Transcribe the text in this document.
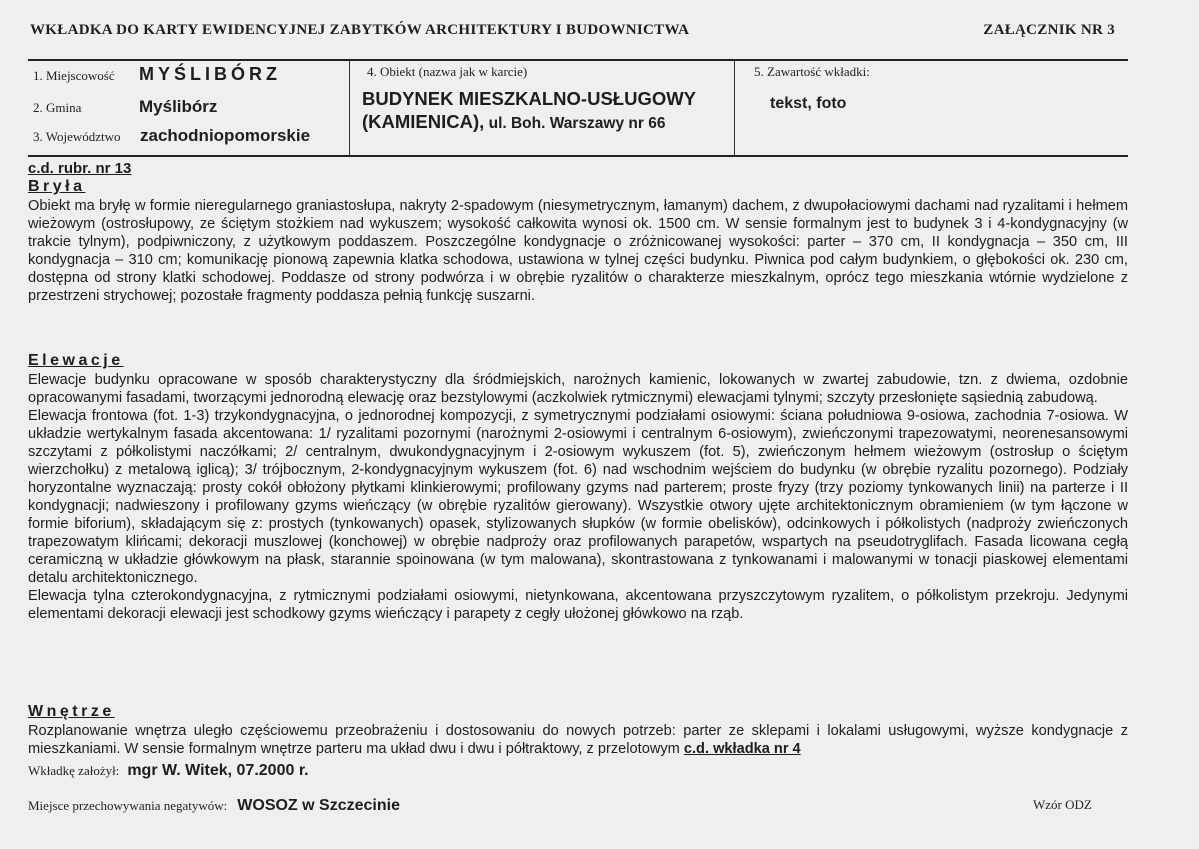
WKŁADKA DO KARTY EWIDENCYJNEJ ZABYTKÓW ARCHITEKTURY I BUDOWNICTWA	ZAŁĄCZNIK NR 3
1. Miejscowość	MYŚLIBÓRZ
2. Gmina	Myślibórz
3. Województwo	zachodniopomorskie
4. Obiekt (nazwa jak w karcie)
BUDYNEK MIESZKALNO-USŁUGOWY
(KAMIENICA), ul. Boh. Warszawy nr 66
5. Zawartość wkładki:
tekst, foto
c.d. rubr. nr 13
Bryła

Obiekt ma bryłę w formie nieregularnego graniastosłupa, nakryty 2-spadowym (niesymetrycznym, łamanym) dachem, z dwupołaciowymi dachami nad ryzalitami i hełmem wieżowym (ostrosłupowy, ze ściętym stożkiem nad wykuszem; wysokość całkowita wynosi ok. 1500 cm. W sensie formalnym jest to budynek 3 i 4-kondygnacyjny (w trakcie tylnym), podpiwniczony, z użytkowym poddaszem. Poszczególne kondygnacje o zróżnicowanej wysokości: parter – 370 cm, II kondygnacja – 350 cm, III kondygnacja – 310 cm; komunikację pionową zapewnia klatka schodowa, ustawiona w tylnej części budynku. Piwnica pod całym budynkiem, o głębokości ok. 230 cm, dostępna od strony klatki schodowej. Poddasze od strony podwórza i w obrębie ryzalitów o charakterze mieszkalnym, oprócz tego mieszkania wtórnie wydzielone z przestrzeni strychowej; pozostałe fragmenty poddasza pełnią funkcję suszarni.

Elewacje

Elewacje budynku opracowane w sposób charakterystyczny dla śródmiejskich, narożnych kamienic, lokowanych w zwartej zabudowie, tzn. z dwiema, ozdobnie opracowanymi fasadami, tworzącymi jednorodną elewację oraz bezstylowymi (aczkolwiek rytmicznymi) elewacjami tylnymi; szczyty przesłonięte sąsiednią zabudową.

Elewacja frontowa (fot. 1-3) trzykondygnacyjna, o jednorodnej kompozycji, z symetrycznymi podziałami osiowymi: ściana południowa 9-osiowa, zachodnia 7-osiowa. W układzie wertykalnym fasada akcentowana: 1/ ryzalitami pozornymi (narożnymi 2-osiowymi i centralnym 6-osiowym), zwieńczonymi trapezowatymi, neorenesansowymi szczytami z półkolistymi naczółkami; 2/ centralnym, dwukondygnacyjnym i 2-osiowym wykuszem (fot. 5), zwieńczonym hełmem wieżowym (ostrosłup o ściętym wierzchołku) z metalową iglicą); 3/ trójbocznym, 2-kondygnacyjnym wykuszem (fot. 6) nad wschodnim wejściem do budynku (w obrębie ryzalitu pozornego). Podziały horyzontalne wyznaczają: prosty cokół obłożony płytkami klinkierowymi; profilowany gzyms nad parterem; proste fryzy (trzy poziomy tynkowanych linii) na parterze i II kondygnacji; nadwieszony i profilowany gzyms wieńczący (w obrębie ryzalitów gierowany). Wszystkie otwory ujęte architektonicznym obramieniem (w tym łączone w formie biforium), składającym się z: prostych (tynkowanych) opasek, stylizowanych słupków (w formie obelisków), odcinkowych i półkolistych (nadproży zwieńczonych trapezowatym klińcami; dekoracji muszlowej (konchowej) w obrębie nadproży oraz profilowanych parapetów, wspartych na pseudotryglifach. Fasada licowana cegłą ceramiczną w układzie główkowym na płask, starannie spoinowana (w tym malowana), skontrastowana z tynkowanami i malowanymi w tonacji piaskowej elementami detalu architektonicznego.

Elewacja tylna czterokondygnacyjna, z rytmicznymi podziałami osiowymi, nietynkowana, akcentowana przyszczytowym ryzalitem, o półkolistym przekroju. Jedynymi elementami dekoracji elewacji jest schodkowy gzyms wieńczący i parapety z cegły ułożonej główkowo na rząb.

Wnętrze

Rozplanowanie wnętrza uległo częściowemu przeobrażeniu i dostosowaniu do nowych potrzeb: parter ze sklepami i lokalami usługowymi, wyższe kondygnacje z mieszkaniami. W sensie formalnym wnętrze parteru ma układ dwu i dwu i półtraktowy, z przelotowym c.d. wkładka nr 4

Wkładkę założył: mgr W. Witek, 07.2000 r.
Miejsce przechowywania negatywów: WOSOZ w Szczecinie	Wzór ODZ
